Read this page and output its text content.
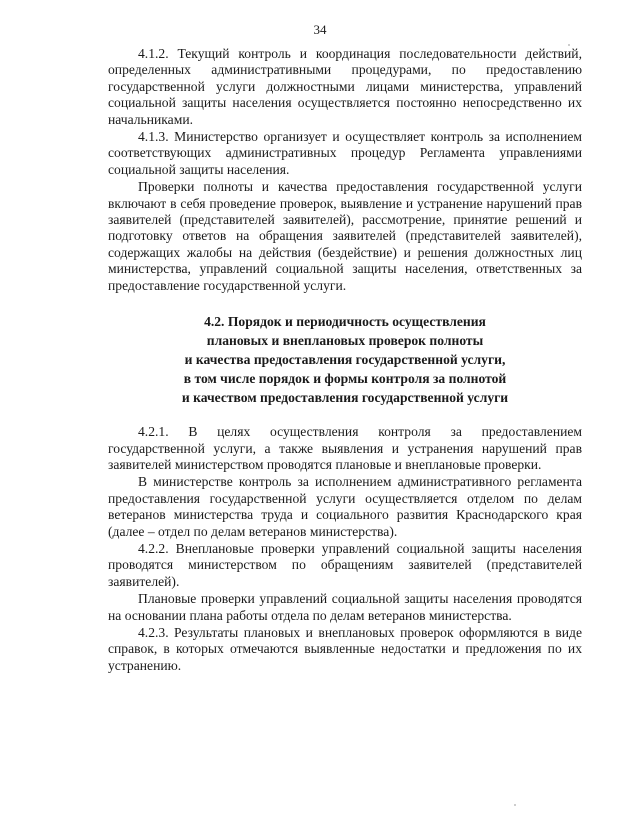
34

4.1.2. Текущий контроль и координация последовательности действий, определенных административными процедурами, по предоставлению государственной услуги должностными лицами министерства, управлений социальной защиты населения осуществляется постоянно непосредственно их начальниками.

4.1.3. Министерство организует и осуществляет контроль за исполнением соответствующих административных процедур Регламента управлениями социальной защиты населения.

Проверки полноты и качества предоставления государственной услуги включают в себя проведение проверок, выявление и устранение нарушений прав заявителей (представителей заявителей), рассмотрение, принятие решений и подготовку ответов на обращения заявителей (представителей заявителей), содержащих жалобы на действия (бездействие) и решения должностных лиц министерства, управлений социальной защиты населения, ответственных за предоставление государственной услуги.

4.2. Порядок и периодичность осуществления
плановых и внеплановых проверок полноты
и качества предоставления государственной услуги,
в том числе порядок и формы контроля за полнотой
и качеством предоставления государственной услуги

4.2.1. В целях осуществления контроля за предоставлением государственной услуги, а также выявления и устранения нарушений прав заявителей министерством проводятся плановые и внеплановые проверки.

В министерстве контроль за исполнением административного регламента предоставления государственной услуги осуществляется отделом по делам ветеранов министерства труда и социального развития Краснодарского края (далее – отдел по делам ветеранов министерства).

4.2.2. Внеплановые проверки управлений социальной защиты населения проводятся министерством по обращениям заявителей (представителей заявителей).

Плановые проверки управлений социальной защиты населения проводятся на основании плана работы отдела по делам ветеранов министерства.

4.2.3. Результаты плановых и внеплановых проверок оформляются в виде справок, в которых отмечаются выявленные недостатки и предложения по их устранению.
